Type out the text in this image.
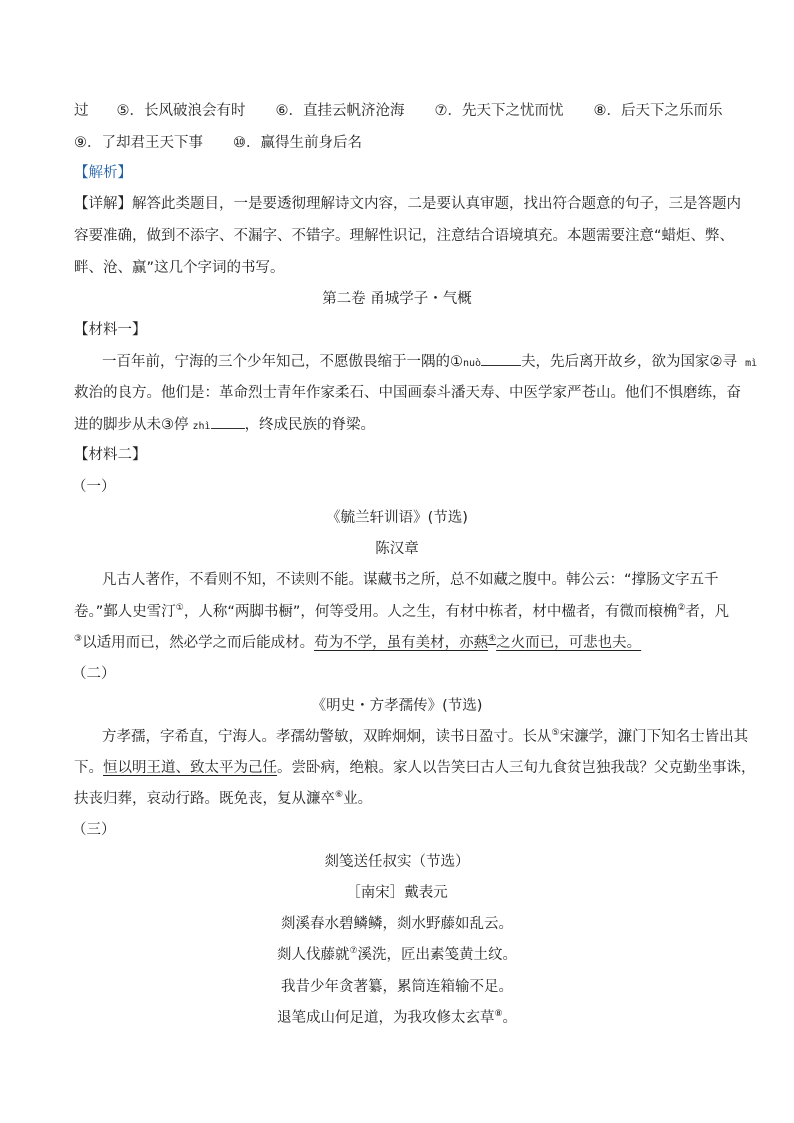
过 ⑤．长风破浪会有时 ⑥．直挂云帆济沧海 ⑦．先天下之忧而忧 ⑧．后天下之乐而乐
⑨．了却君王天下事 ⑩．赢得生前身后名
【解析】
【详解】解答此类题目，一是要透彻理解诗文内容，二是要认真审题，找出符合题意的句子，三是答题内
容要准确，做到不添字、不漏字、不错字。理解性识记，注意结合语境填充。本题需要注意“蜡炬、弊、
畔、沧、赢”这几个字词的书写。
第二卷 甬城学子・气概
【材料一】
一百年前，宁海的三个少年知己，不愿傲畏缩于一隅的①nuò	夫，先后离开故乡，欲为国家②寻 mì
救治的良方。他们是：革命烈士青年作家柔石、中国画泰斗潘天寿、中医学家严苍山。他们不惧磨练，奋
进的脚步从未③停 zhì ，终成民族的脊梁。
【材料二】
（一）
《毓兰轩训语》(节选)
陈汉章
凡古人著作，不看则不知，不读则不能。谋藏书之所，总不如藏之腹中。韩公云：“撑肠文字五千
卷。”鄞人史雪汀①，人称“两脚书橱”，何等受用。人之生，有材中栋者，材中楹者，有微而榱桷②者，凡
③以适用而已，然必学之而后能成材。苟为不学，虽有美材，亦爇④之火而已，可悲也夫。
（二）
《明史・方孝孺传》(节选)
方孝孺，字希直，宁海人。孝孺幼警敏，双眸炯炯，读书日盈寸。长从⑤宋濂学，濂门下知名士皆出其
下。恒以明王道、致太平为己任。尝卧病，绝粮。家人以告笑曰古人三旬九食贫岂独我哉？父克勤坐事诛，
扶丧归葬，哀动行路。既免丧，复从濂卒⑥业。
（三）
剡笺送任叔实（节选）
［南宋］戴表元
剡溪春水碧鳞鳞，剡水野藤如乱云。
剡人伐藤就⑦溪洗，匠出素笺黄土纹。
我昔少年贪著纂，累筒连箱输不足。
退笔成山何足道，为我攻修太玄草⑧。
